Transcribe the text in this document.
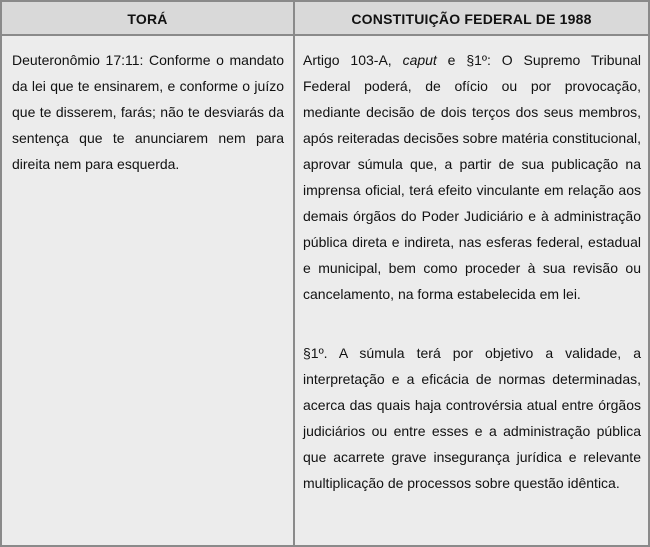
TORÁ	CONSTITUIÇÃO FEDERAL DE 1988

Deuteronômio 17:11: Conforme o mandato da lei que te ensinarem, e conforme o juízo que te disserem, farás; não te desviarás da sentença que te anunciarem nem para direita nem para esquerda.

Artigo 103-A, caput e §1º: O Supremo Tribunal Federal poderá, de ofício ou por provocação, mediante decisão de dois terços dos seus membros, após reiteradas decisões sobre matéria constitucional, aprovar súmula que, a partir de sua publicação na imprensa oficial, terá efeito vinculante em relação aos demais órgãos do Poder Judiciário e à administração pública direta e indireta, nas esferas federal, estadual e municipal, bem como proceder à sua revisão ou cancelamento, na forma estabelecida em lei.

§1º. A súmula terá por objetivo a validade, a interpretação e a eficácia de normas determinadas, acerca das quais haja controvérsia atual entre órgãos judiciários ou entre esses e a administração pública que acarrete grave insegurança jurídica e relevante multiplicação de processos sobre questão idêntica.
